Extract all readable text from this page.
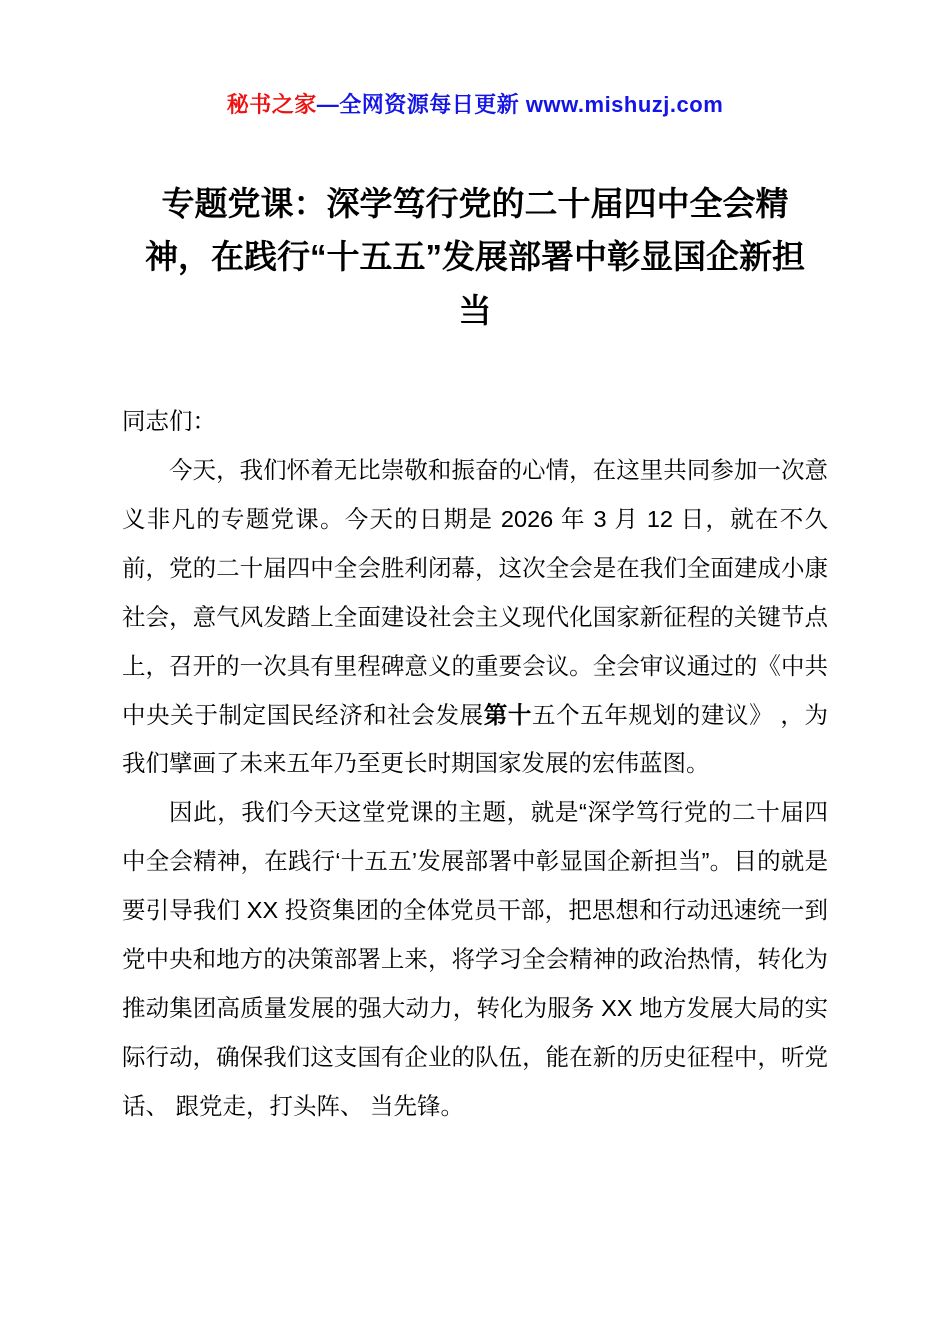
秘书之家—全网资源每日更新 www.mishuzj.com
专题党课：深学笃行党的二十届四中全会精神，在践行“十五五”发展部署中彰显国企新担当

同志们：

今天，我们怀着无比崇敬和振奋的心情，在这里共同参加一次意义非凡的专题党课。今天的日期是 2026 年 3 月 12 日，就在不久前，党的二十届四中全会胜利闭幕，这次全会是在我们全面建成小康社会，意气风发踏上全面建设社会主义现代化国家新征程的关键节点上，召开的一次具有里程碑意义的重要会议。全会审议通过的《中共中央关于制定国民经济和社会发展第十五个五年规划的建议》 ，为我们擘画了未来五年乃至更长时期国家发展的宏伟蓝图。

因此，我们今天这堂党课的主题，就是“深学笃行党的二十届四中全会精神，在践行‘十五五’发展部署中彰显国企新担当”。目的就是要引导我们 XX 投资集团的全体党员干部，把思想和行动迅速统一到党中央和地方的决策部署上来，将学习全会精神的政治热情，转化为推动集团高质量发展的强大动力，转化为服务 XX 地方发展大局的实际行动，确保我们这支国有企业的队伍，能在新的历史征程中，听党话、 跟党走，打头阵、 当先锋。
